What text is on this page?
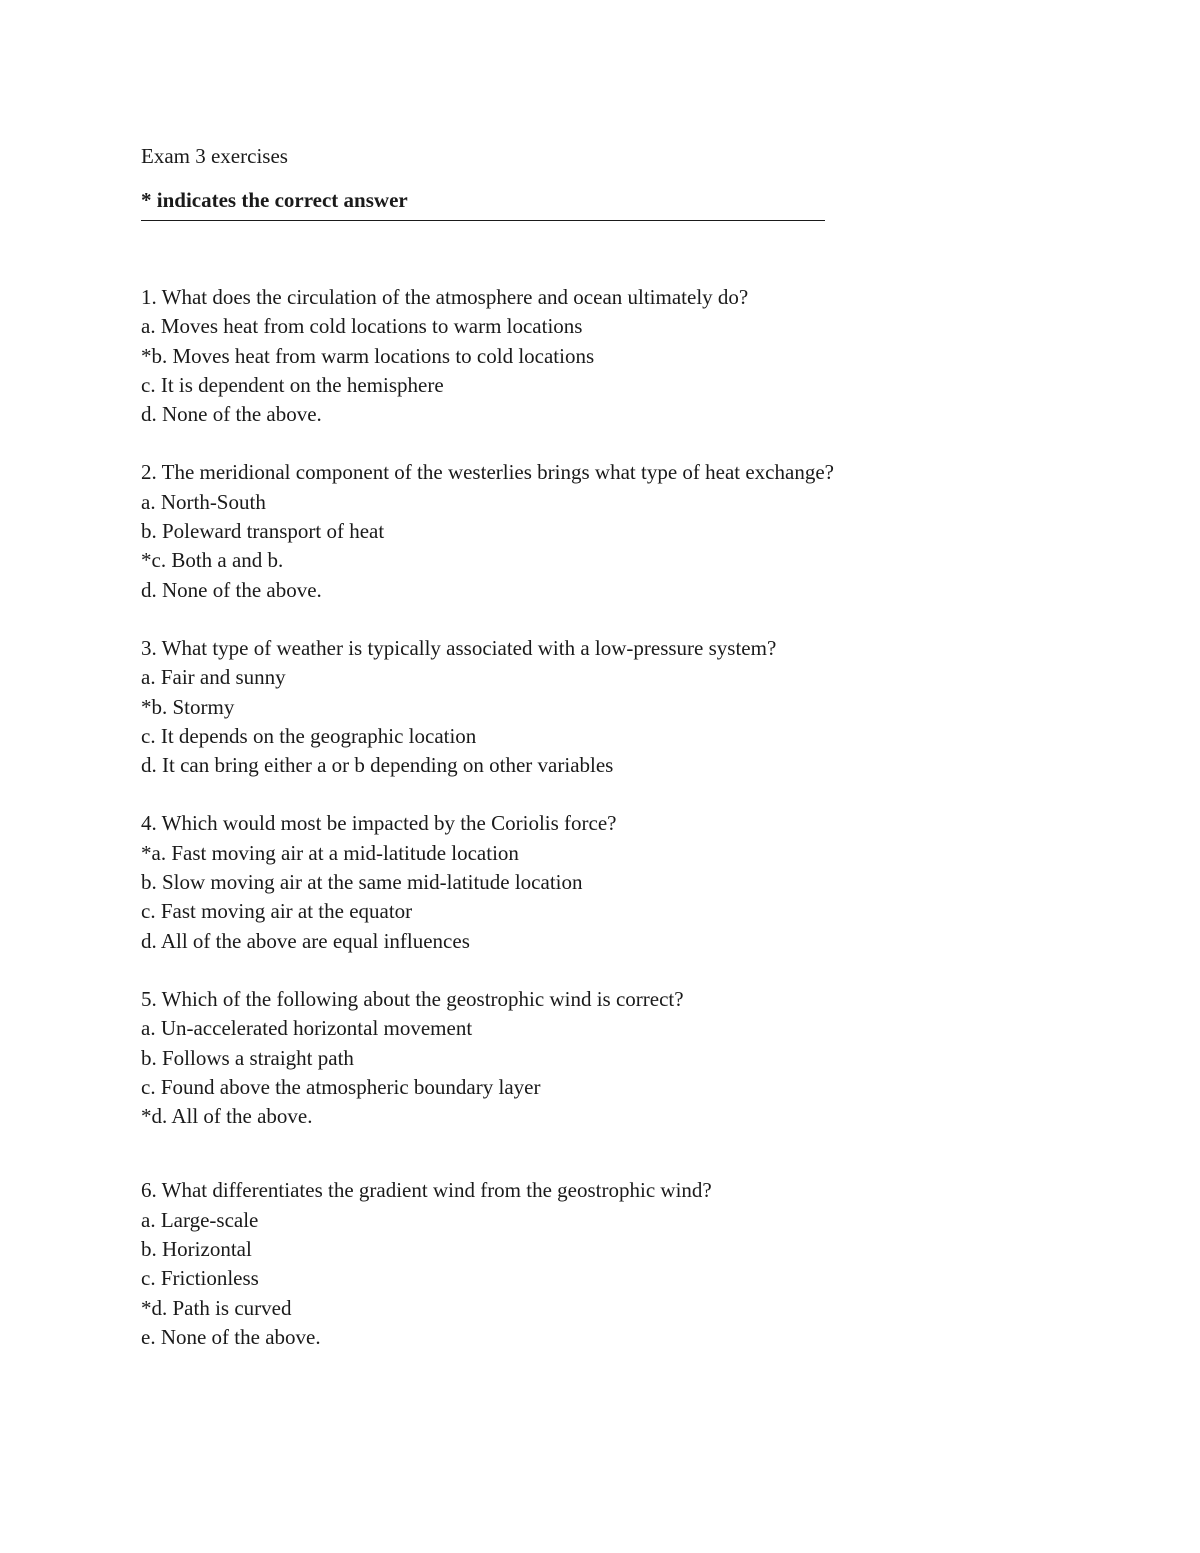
Exam 3 exercises

* indicates the correct answer

1. What does the circulation of the atmosphere and ocean ultimately do?

a. Moves heat from cold locations to warm locations

*b. Moves heat from warm locations to cold locations

c. It is dependent on the hemisphere

d. None of the above.

2. The meridional component of the westerlies brings what type of heat exchange?

a. North-South

b. Poleward transport of heat

*c. Both a and b.

d. None of the above.

3. What type of weather is typically associated with a low-pressure system?

a. Fair and sunny

*b. Stormy

c. It depends on the geographic location

d. It can bring either a or b depending on other variables

4. Which would most be impacted by the Coriolis force?

*a. Fast moving air at a mid-latitude location

b. Slow moving air at the same mid-latitude location

c. Fast moving air at the equator

d. All of the above are equal influences

5. Which of the following about the geostrophic wind is correct?

a. Un-accelerated horizontal movement

b. Follows a straight path

c. Found above the atmospheric boundary layer

*d. All of the above.

6. What differentiates the gradient wind from the geostrophic wind?

a. Large-scale

b. Horizontal

c. Frictionless

*d. Path is curved

e. None of the above.
